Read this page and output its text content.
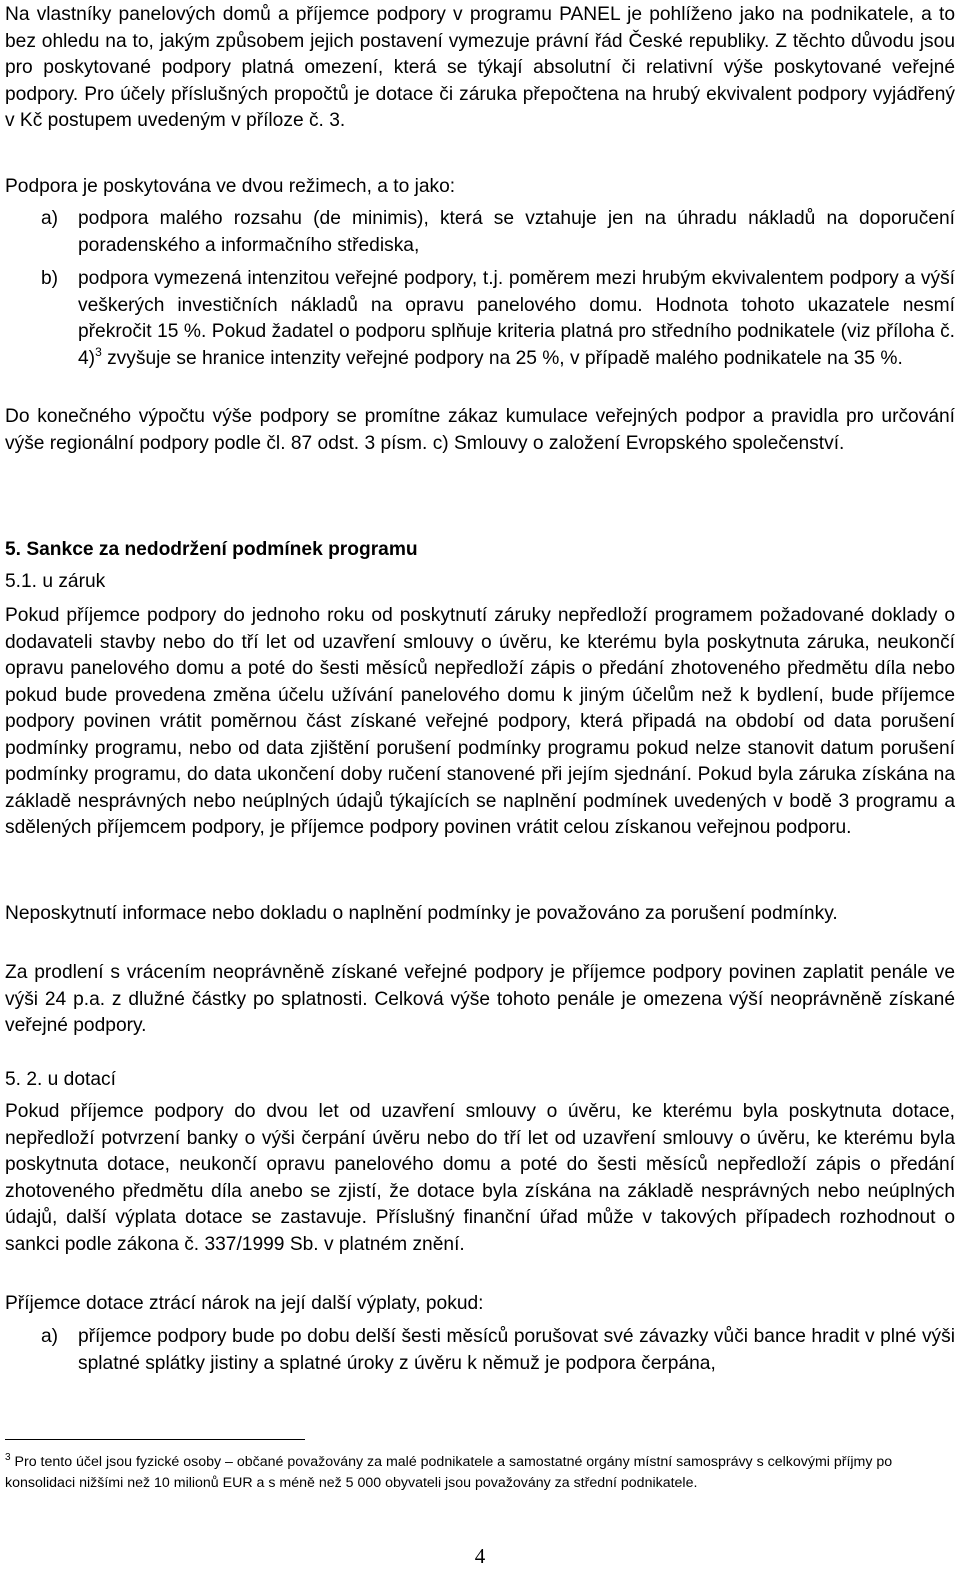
Na vlastníky panelových domů a příjemce podpory v programu PANEL je pohlíženo jako na podnikatele, a to bez ohledu na to, jakým způsobem jejich postavení vymezuje právní řád České republiky. Z těchto důvodu jsou pro poskytované podpory platná omezení, která se týkají absolutní či relativní výše poskytované veřejné podpory. Pro účely příslušných propočtů je dotace či záruka přepočtena na hrubý ekvivalent podpory vyjádřený v Kč postupem uvedeným v příloze č. 3.

Podpora je poskytována ve dvou režimech, a to jako:

a) podpora malého rozsahu (de minimis), která se vztahuje jen na úhradu nákladů na doporučení poradenského a informačního střediska,

b) podpora vymezená intenzitou veřejné podpory, t.j. poměrem mezi hrubým ekvivalentem podpory a výší veškerých investičních nákladů na opravu panelového domu. Hodnota tohoto ukazatele nesmí překročit 15 %. Pokud žadatel o podporu splňuje kriteria platná pro středního podnikatele (viz příloha č. 4)$^3$ zvyšuje se hranice intenzity veřejné podpory na 25 %, v případě malého podnikatele na 35 %.

Do konečného výpočtu výše podpory se promítne zákaz kumulace veřejných podpor a pravidla pro určování výše regionální podpory podle čl. 87 odst. 3 písm. c) Smlouvy o založení Evropského společenství.

5. Sankce za nedodržení podmínek programu

5.1. u záruk

Pokud příjemce podpory do jednoho roku od poskytnutí záruky nepředloží programem požadované doklady o dodavateli stavby nebo do tří let od uzavření smlouvy o úvěru, ke kterému byla poskytnuta záruka, neukončí opravu panelového domu a poté do šesti měsíců nepředloží zápis o předání zhotoveného předmětu díla nebo pokud bude provedena změna účelu užívání panelového domu k jiným účelům než k bydlení, bude příjemce podpory povinen vrátit poměrnou část získané veřejné podpory, která připadá na období od data porušení podmínky programu, nebo od data zjištění porušení podmínky programu pokud nelze stanovit datum porušení podmínky programu, do data ukončení doby ručení stanovené při jejím sjednání. Pokud byla záruka získána na základě nesprávných nebo neúplných údajů týkajících se naplnění podmínek uvedených v bodě 3 programu a sdělených příjemcem podpory, je příjemce podpory povinen vrátit celou získanou veřejnou podporu.

Neposkytnutí informace nebo dokladu o naplnění podmínky je považováno za porušení podmínky.

Za prodlení s vrácením neoprávněně získané veřejné podpory je příjemce podpory povinen zaplatit penále ve výši 24 p.a. z dlužné částky po splatnosti. Celková výše tohoto penále je omezena výší neoprávněně získané veřejné podpory.

5. 2. u dotací

Pokud příjemce podpory do dvou let od uzavření smlouvy o úvěru, ke kterému byla poskytnuta dotace, nepředloží potvrzení banky o výši čerpání úvěru nebo do tří let od uzavření smlouvy o úvěru, ke kterému byla poskytnuta dotace, neukončí opravu panelového domu a poté do šesti měsíců nepředloží zápis o předání zhotoveného předmětu díla anebo se zjistí, že dotace byla získána na základě nesprávných nebo neúplných údajů, další výplata dotace se zastavuje. Příslušný finanční úřad může v takových případech rozhodnout o sankci podle zákona č. 337/1999 Sb. v platném znění.

Příjemce dotace ztrácí nárok na její další výplaty, pokud:

a) příjemce podpory bude po dobu delší šesti měsíců porušovat své závazky vůči bance hradit v plné výši splatné splátky jistiny a splatné úroky z úvěru k němuž je podpora čerpána,

$^3$ Pro tento účel jsou fyzické osoby – občané považovány za malé podnikatele a samostatné orgány místní samosprávy s celkovými příjmy po konsolidaci nižšími než 10 milionů EUR a s méně než 5 000 obyvateli jsou považovány za střední podnikatele.
4
